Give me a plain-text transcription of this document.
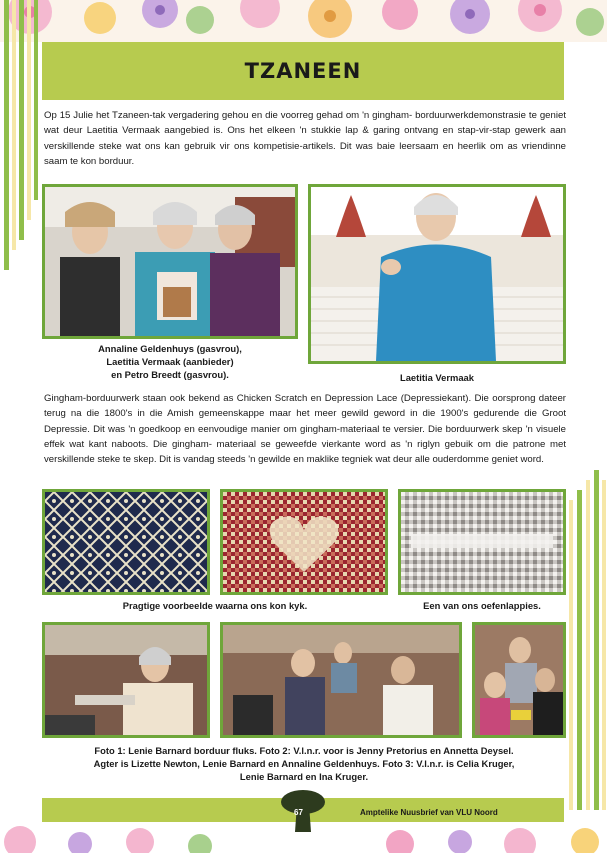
TZANEEN

Op 15 Julie het Tzaneen-tak vergadering gehou en die voorreg gehad om 'n gingham- borduurwerkdemonstrasie te geniet wat deur Laetitia Vermaak aangebied is. Ons het elkeen 'n stukkie lap & garing ontvang en stap-vir-stap gewerk aan verskillende steke wat ons kan gebruik vir ons kompetisie-artikels. Dit was baie leersaam en heerlik om as vriendinne saam te kon borduur.

Annaline Geldenhuys (gasvrou),
Laetitia Vermaak (aanbieder)
en Petro Breedt (gasvrou).	Laetitia Vermaak

Gingham-borduurwerk staan ook bekend as Chicken Scratch en Depression Lace (Depressiekant). Die oorsprong dateer terug na die 1800's in die Amish gemeenskappe maar het meer gewild geword in die 1900's gedurende die Groot Depressie. Dit was 'n goedkoop en eenvoudige manier om gingham-materiaal te versier. Die borduurwerk skep 'n visuele effek wat kant naboots. Die gingham- materiaal se geweefde vierkante word as 'n riglyn gebuik om die patrone met verskillende steke te skep. Dit is vandag steeds 'n gewilde en maklike tegniek wat deur alle ouderdomme geniet word.

Pragtige voorbeelde waarna ons kon kyk.	Een van ons oefenlappies.
Foto 1: Lenie Barnard borduur fluks. Foto 2: V.l.n.r. voor is Jenny Pretorius en Annetta Deysel.
Agter is Lizette Newton, Lenie Barnard en Annaline Geldenhuys. Foto 3: V.l.n.r. is Celia Kruger,
Lenie Barnard en Ina Kruger.
67	Amptelike Nuusbrief van VLU Noord
